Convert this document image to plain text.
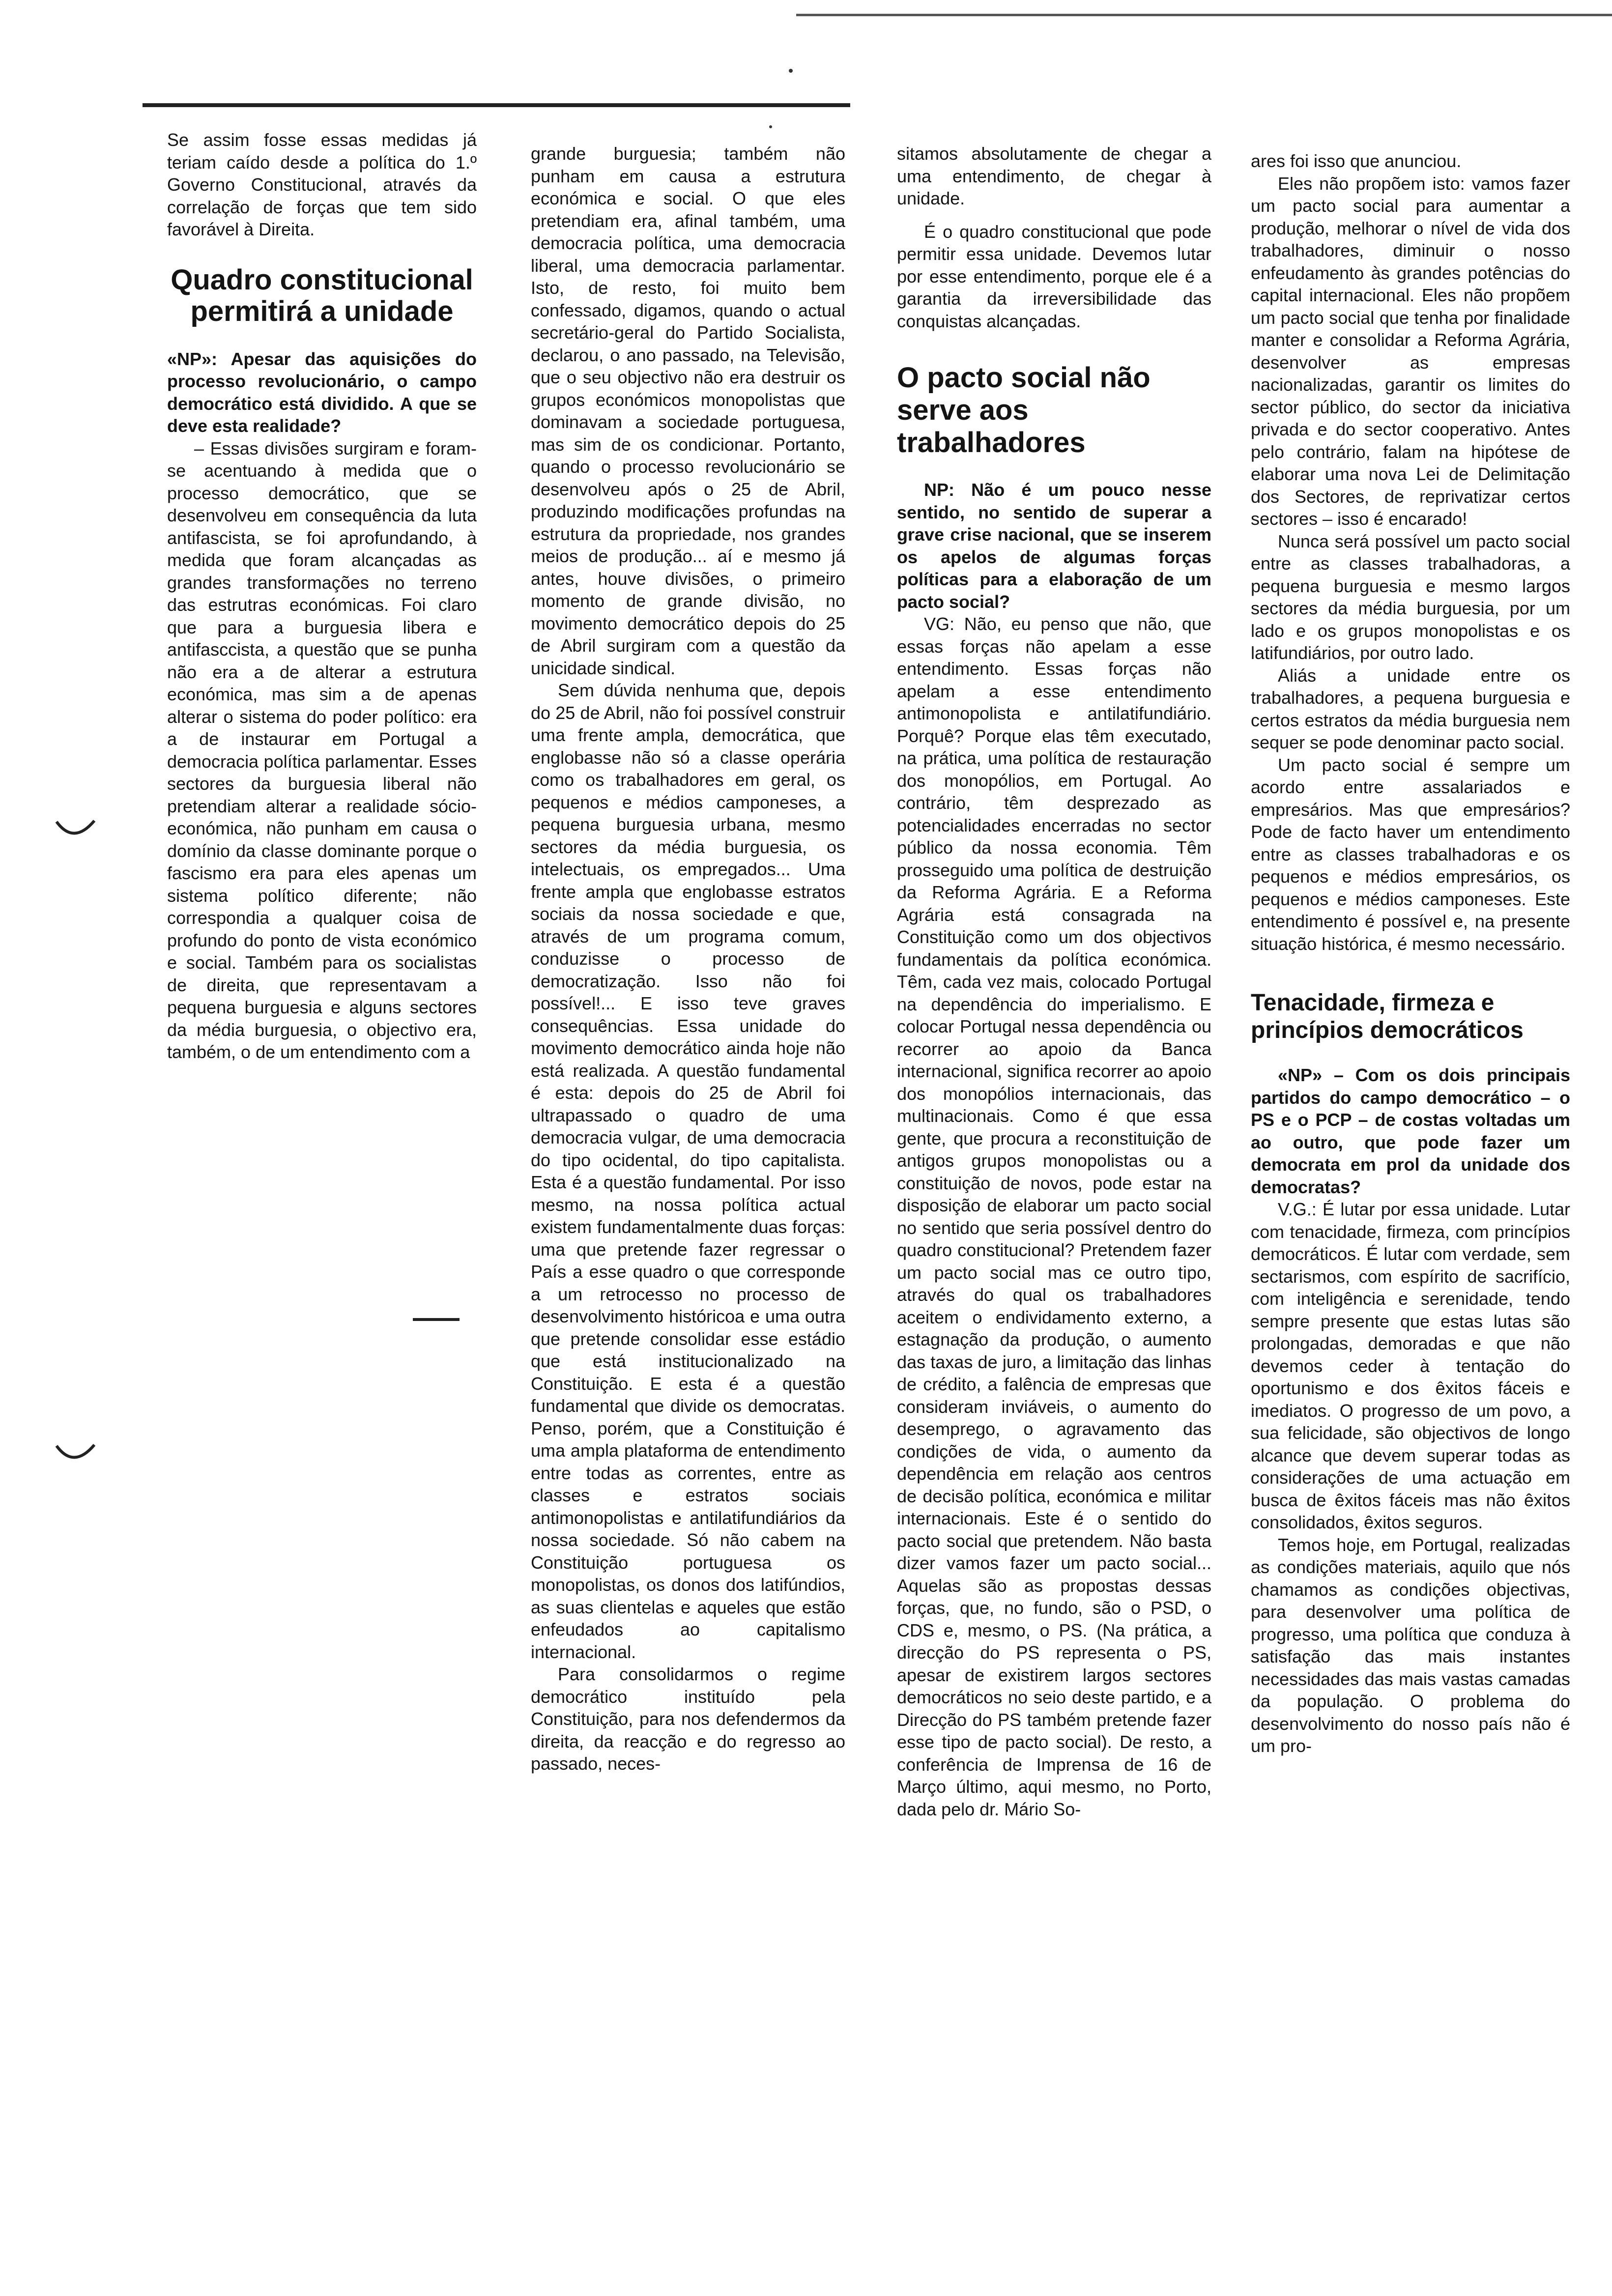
Se assim fosse essas medidas já teriam caído desde a política do 1.º Governo Constitucional, através da correlação de forças que tem sido favorável à Direita.

Quadro constitucional permitirá a unidade

«NP»: Apesar das aquisições do processo revolucionário, o campo democrático está dividido. A que se deve esta realidade?

– Essas divisões surgiram e foram-se acentuando à medida que o processo democrático, que se desenvolveu em consequência da luta antifascista, se foi aprofundando, à medida que foram alcançadas as grandes transformações no terreno das estrutras económicas. Foi claro que para a burguesia libera e antifasccista, a questão que se punha não era a de alterar a estrutura económica, mas sim a de apenas alterar o sistema do poder político: era a de instaurar em Portugal a democracia política parlamentar. Esses sectores da burguesia liberal não pretendiam alterar a realidade sócio-económica, não punham em causa o domínio da classe dominante porque o fascismo era para eles apenas um sistema político diferente; não correspondia a qualquer coisa de profundo do ponto de vista económico e social. Também para os socialistas de direita, que representavam a pequena burguesia e alguns sectores da média burguesia, o objectivo era, também, o de um entendimento com a

grande burguesia; também não punham em causa a estrutura económica e social. O que eles pretendiam era, afinal também, uma democracia política, uma democracia liberal, uma democracia parlamentar. Isto, de resto, foi muito bem confessado, digamos, quando o actual secretário-geral do Partido Socialista, declarou, o ano passado, na Televisão, que o seu objectivo não era destruir os grupos económicos monopolistas que dominavam a sociedade portuguesa, mas sim de os condicionar. Portanto, quando o processo revolucionário se desenvolveu após o 25 de Abril, produzindo modificações profundas na estrutura da propriedade, nos grandes meios de produção... aí e mesmo já antes, houve divisões, o primeiro momento de grande divisão, no movimento democrático depois do 25 de Abril surgiram com a questão da unicidade sindical.

Sem dúvida nenhuma que, depois do 25 de Abril, não foi possível construir uma frente ampla, democrática, que englobasse não só a classe operária como os trabalhadores em geral, os pequenos e médios camponeses, a pequena burguesia urbana, mesmo sectores da média burguesia, os intelectuais, os empregados... Uma frente ampla que englobasse estratos sociais da nossa sociedade e que, através de um programa comum, conduzisse o processo de democratização. Isso não foi possível!... E isso teve graves consequências. Essa unidade do movimento democrático ainda hoje não está realizada. A questão fundamental é esta: depois do 25 de Abril foi ultrapassado o quadro de uma democracia vulgar, de uma democracia do tipo ocidental, do tipo capitalista. Esta é a questão fundamental. Por isso mesmo, na nossa política actual existem fundamentalmente duas forças: uma que pretende fazer regressar o País a esse quadro o que corresponde a um retrocesso no processo de desenvolvimento históricoa e uma outra que pretende consolidar esse estádio que está institucionalizado na Constituição. E esta é a questão fundamental que divide os democratas. Penso, porém, que a Constituição é uma ampla plataforma de entendimento entre todas as correntes, entre as classes e estratos sociais antimonopolistas e antilatifundiários da nossa sociedade. Só não cabem na Constituição portuguesa os monopolistas, os donos dos latifúndios, as suas clientelas e aqueles que estão enfeudados ao capitalismo internacional.

Para consolidarmos o regime democrático instituído pela Constituição, para nos defendermos da direita, da reacção e do regresso ao passado, neces-

sitamos absolutamente de chegar a uma entendimento, de chegar à unidade.

É o quadro constitucional que pode permitir essa unidade. Devemos lutar por esse entendimento, porque ele é a garantia da irreversibilidade das conquistas alcançadas.

O pacto social não serve aos trabalhadores

NP: Não é um pouco nesse sentido, no sentido de superar a grave crise nacional, que se inserem os apelos de algumas forças políticas para a elaboração de um pacto social?

VG: Não, eu penso que não, que essas forças não apelam a esse entendimento. Essas forças não apelam a esse entendimento antimonopolista e antilatifundiário. Porquê? Porque elas têm executado, na prática, uma política de restauração dos monopólios, em Portugal. Ao contrário, têm desprezado as potencialidades encerradas no sector público da nossa economia. Têm prosseguido uma política de destruição da Reforma Agrária. E a Reforma Agrária está consagrada na Constituição como um dos objectivos fundamentais da política económica. Têm, cada vez mais, colocado Portugal na dependência do imperialismo. E colocar Portugal nessa dependência ou recorrer ao apoio da Banca internacional, significa recorrer ao apoio dos monopólios internacionais, das multinacionais. Como é que essa gente, que procura a reconstituição de antigos grupos monopolistas ou a constituição de novos, pode estar na disposição de elaborar um pacto social no sentido que seria possível dentro do quadro constitucional? Pretendem fazer um pacto social mas ce outro tipo, através do qual os trabalhadores aceitem o endividamento externo, a estagnação da produção, o aumento das taxas de juro, a limitação das linhas de crédito, a falência de empresas que consideram inviáveis, o aumento do desemprego, o agravamento das condições de vida, o aumento da dependência em relação aos centros de decisão política, económica e militar internacionais. Este é o sentido do pacto social que pretendem. Não basta dizer vamos fazer um pacto social... Aquelas são as propostas dessas forças, que, no fundo, são o PSD, o CDS e, mesmo, o PS. (Na prática, a direcção do PS representa o PS, apesar de existirem largos sectores democráticos no seio deste partido, e a Direcção do PS também pretende fazer esse tipo de pacto social). De resto, a conferência de Imprensa de 16 de Março último, aqui mesmo, no Porto, dada pelo dr. Mário So-

ares foi isso que anunciou.

Eles não propõem isto: vamos fazer um pacto social para aumentar a produção, melhorar o nível de vida dos trabalhadores, diminuir o nosso enfeudamento às grandes potências do capital internacional. Eles não propõem um pacto social que tenha por finalidade manter e consolidar a Reforma Agrária, desenvolver as empresas nacionalizadas, garantir os limites do sector público, do sector da iniciativa privada e do sector cooperativo. Antes pelo contrário, falam na hipótese de elaborar uma nova Lei de Delimitação dos Sectores, de reprivatizar certos sectores – isso é encarado!

Nunca será possível um pacto social entre as classes trabalhadoras, a pequena burguesia e mesmo largos sectores da média burguesia, por um lado e os grupos monopolistas e os latifundiários, por outro lado.

Aliás a unidade entre os trabalhadores, a pequena burguesia e certos estratos da média burguesia nem sequer se pode denominar pacto social.

Um pacto social é sempre um acordo entre assalariados e empresários. Mas que empresários? Pode de facto haver um entendimento entre as classes trabalhadoras e os pequenos e médios empresários, os pequenos e médios camponeses. Este entendimento é possível e, na presente situação histórica, é mesmo necessário.

Tenacidade, firmeza e princípios democráticos

«NP» – Com os dois principais partidos do campo democrático – o PS e o PCP – de costas voltadas um ao outro, que pode fazer um democrata em prol da unidade dos democratas?

V.G.: É lutar por essa unidade. Lutar com tenacidade, firmeza, com princípios democráticos. É lutar com verdade, sem sectarismos, com espírito de sacrifício, com inteligência e serenidade, tendo sempre presente que estas lutas são prolongadas, demoradas e que não devemos ceder à tentação do oportunismo e dos êxitos fáceis e imediatos. O progresso de um povo, a sua felicidade, são objectivos de longo alcance que devem superar todas as considerações de uma actuação em busca de êxitos fáceis mas não êxitos consolidados, êxitos seguros.

Temos hoje, em Portugal, realizadas as condições materiais, aquilo que nós chamamos as condições objectivas, para desenvolver uma política de progresso, uma política que conduza à satisfação das mais instantes necessidades das mais vastas camadas da população. O problema do desenvolvimento do nosso país não é um pro-
